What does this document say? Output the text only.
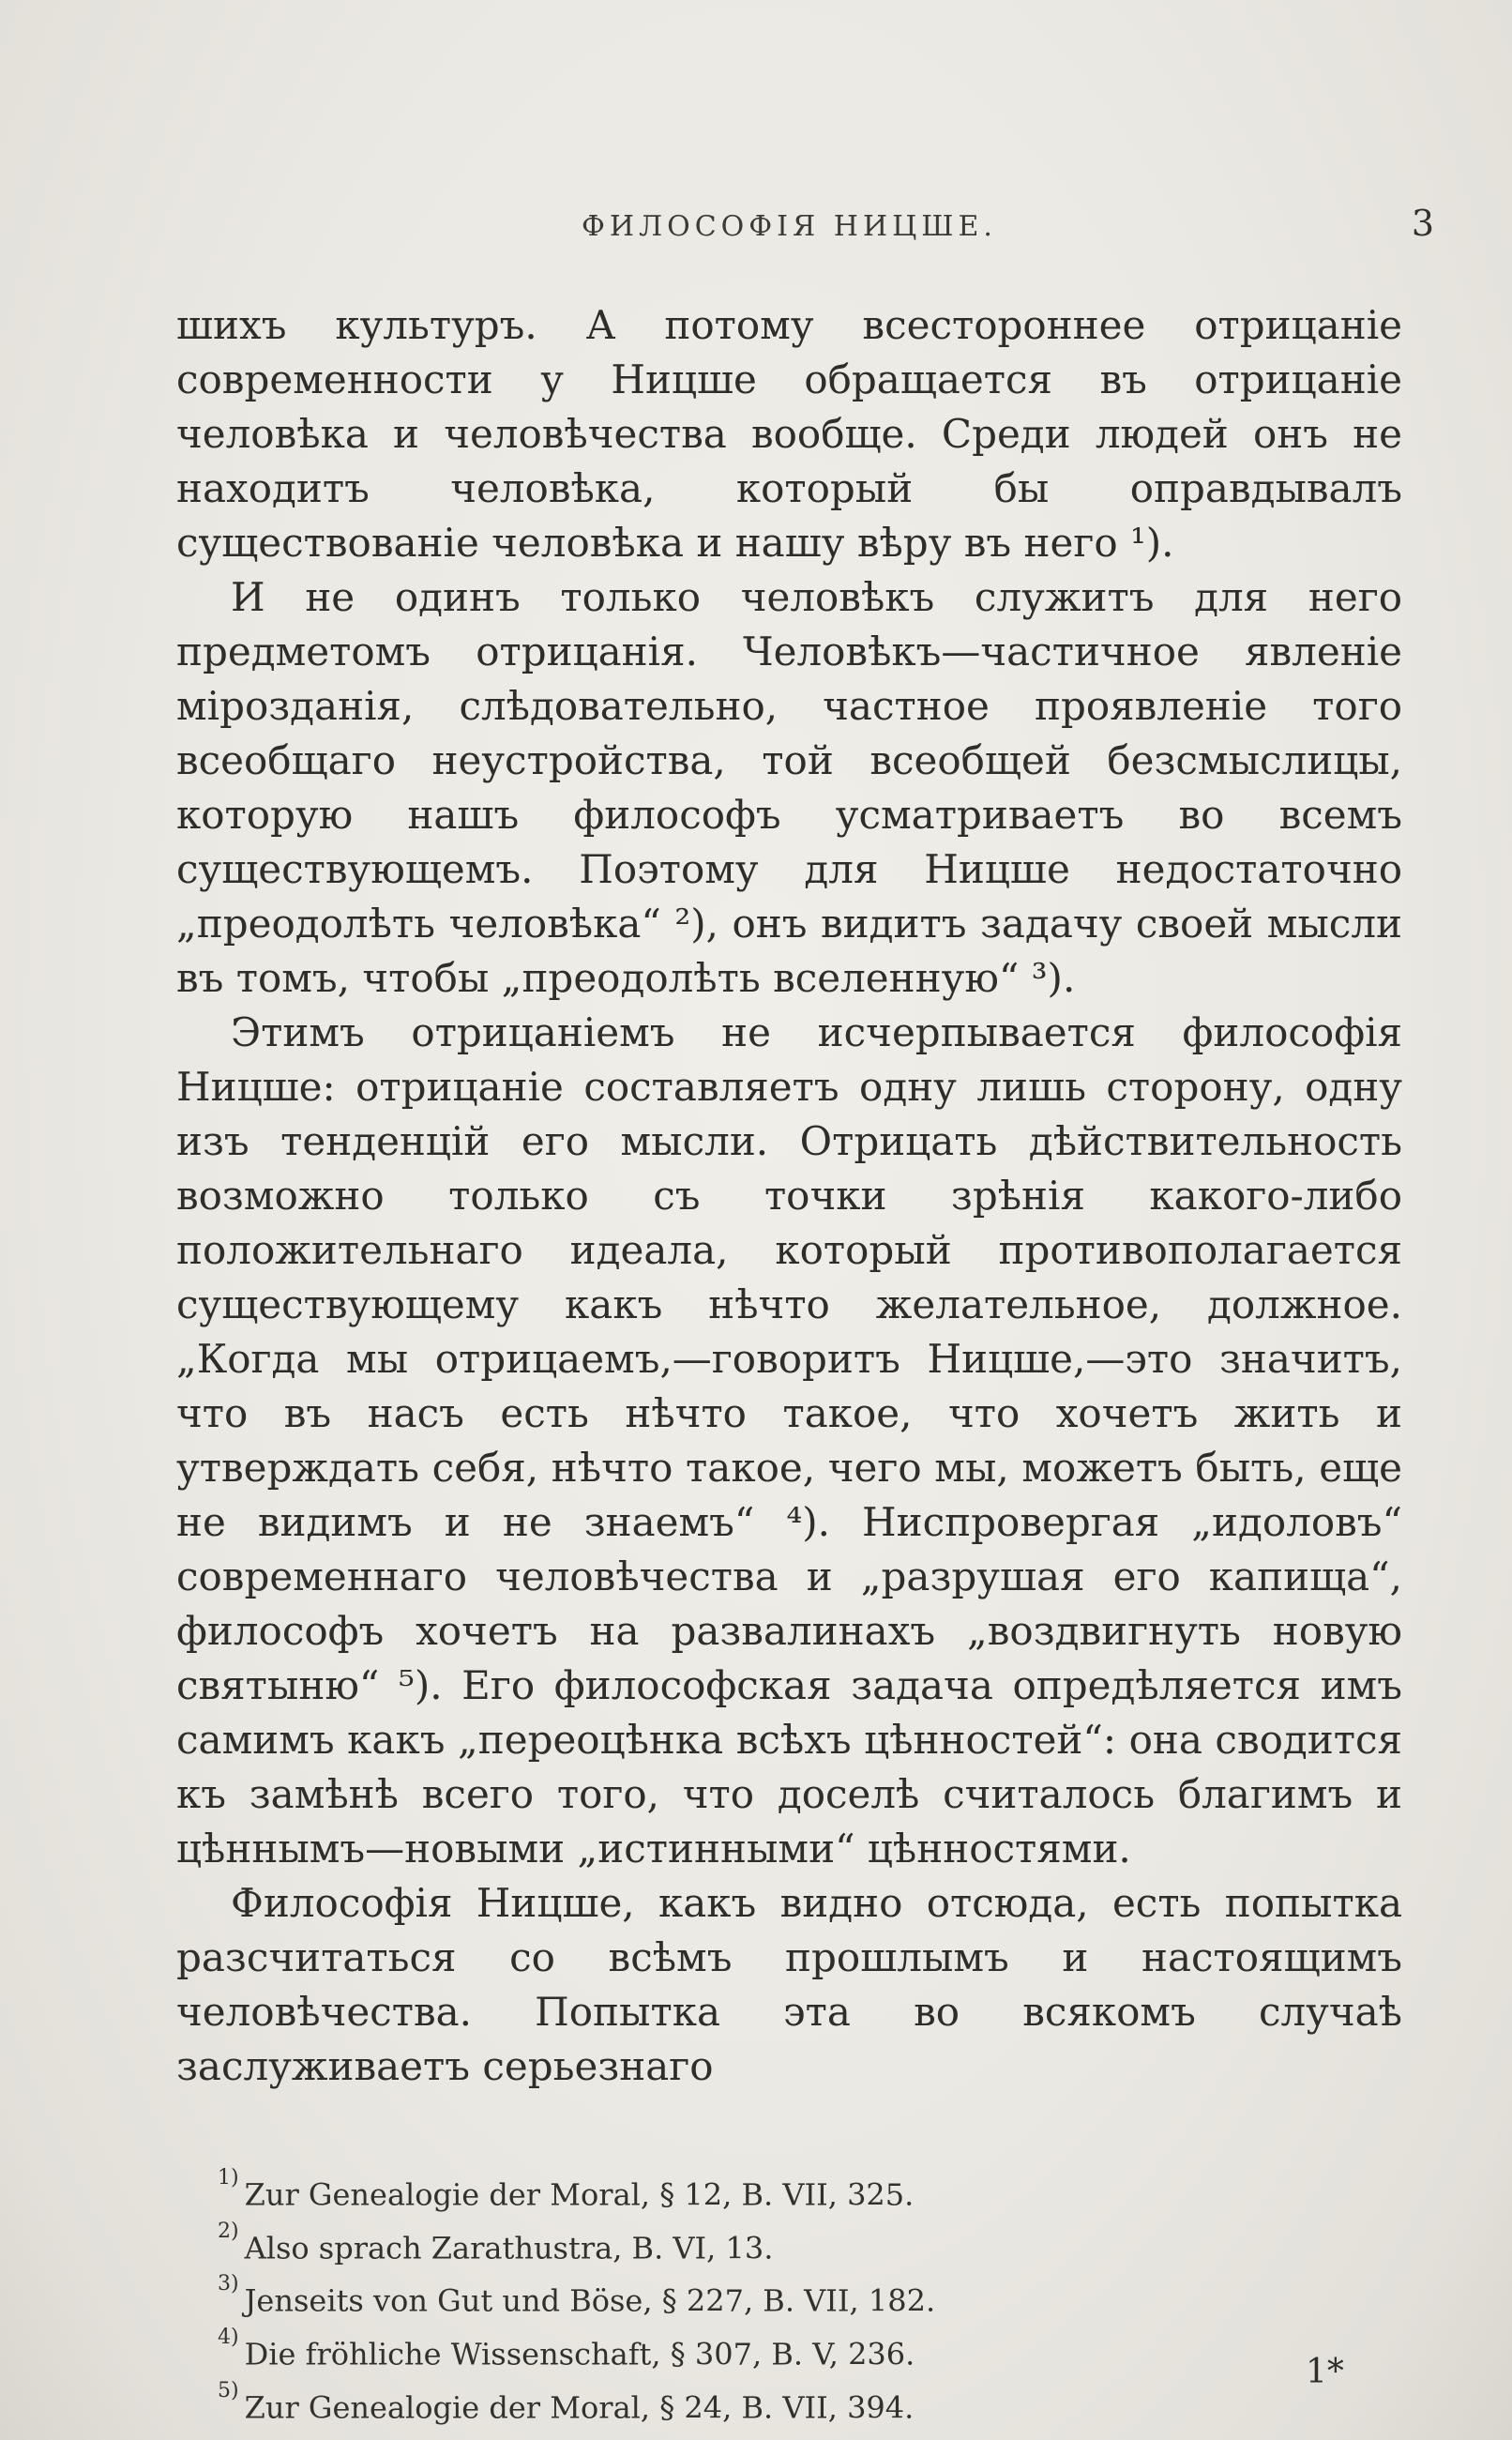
ФИЛОСОФІЯ НИЦШЕ.	3

шихъ культуръ. А потому всестороннее отрицаніе современности у Ницше обращается въ отрицаніе человѣка и человѣчества вообще. Среди людей онъ не находитъ человѣка, который бы оправдывалъ существованіе человѣка и нашу вѣру въ него ¹).

И не одинъ только человѣкъ служитъ для него предметомъ отрицанія. Человѣкъ—частичное явленіе мірозданія, слѣдовательно, частное проявленіе того всеобщаго неустройства, той всеобщей безсмыслицы, которую нашъ философъ усматриваетъ во всемъ существующемъ. Поэтому для Ницше недостаточно „преодолѣть человѣка“ ²), онъ видитъ задачу своей мысли въ томъ, чтобы „преодолѣть вселенную“ ³).

Этимъ отрицаніемъ не исчерпывается философія Ницше: отрицаніе составляетъ одну лишь сторону, одну изъ тенденцій его мысли. Отрицать дѣйствительность возможно только съ точки зрѣнія какого-либо положительнаго идеала, который противополагается существующему какъ нѣчто желательное, должное. „Когда мы отрицаемъ,—говоритъ Ницше,—это значитъ, что въ насъ есть нѣчто такое, что хочетъ жить и утверждать себя, нѣчто такое, чего мы, можетъ быть, еще не видимъ и не знаемъ“ ⁴). Ниспровергая „идоловъ“ современнаго человѣчества и „разрушая его капища“, философъ хочетъ на развалинахъ „воздвигнуть новую святыню“ ⁵). Его философская задача опредѣляется имъ самимъ какъ „переоцѣнка всѣхъ цѣнностей“: она сводится къ замѣнѣ всего того, что доселѣ считалось благимъ и цѣннымъ—новыми „истинными“ цѣнностями.

Философія Ницше, какъ видно отсюда, есть попытка разсчитаться со всѣмъ прошлымъ и настоящимъ человѣчества. Попытка эта во всякомъ случаѣ заслуживаетъ серьезнаго

$^{1)}$ Zur Genealogie der Moral, § 12, B. VII, 325.

$^{2)}$ Also sprach Zarathustra, B. VI, 13.

$^{3)}$ Jenseits von Gut und Böse, § 227, B. VII, 182.

$^{4)}$ Die fröhliche Wissenschaft, § 307, B. V, 236.

$^{5)}$ Zur Genealogie der Moral, § 24, B. VII, 394.

1*
